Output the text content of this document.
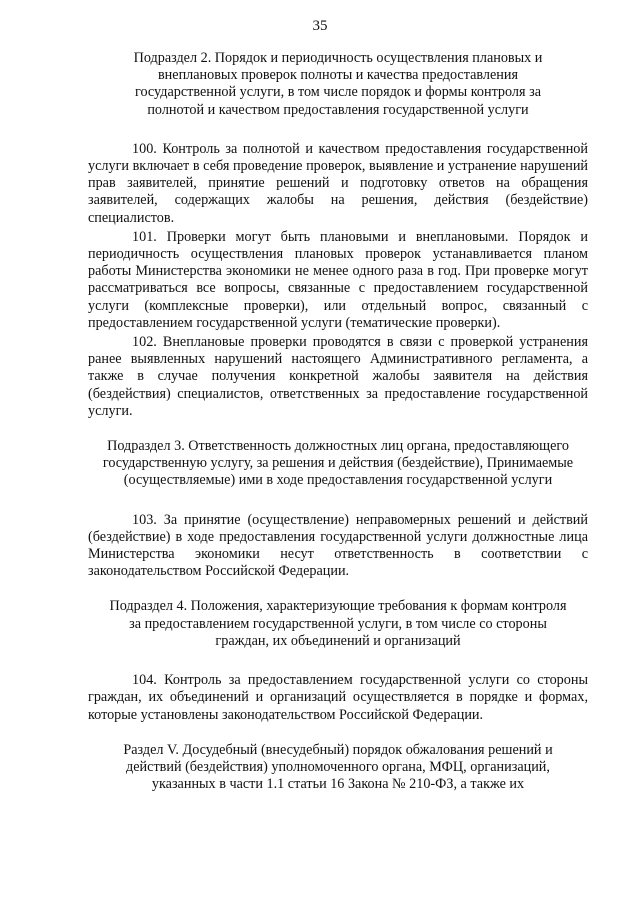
35
Подраздел 2. Порядок и периодичность осуществления плановых и внеплановых проверок полноты и качества предоставления государственной услуги, в том числе порядок и формы контроля за полнотой и качеством предоставления государственной услуги

100. Контроль за полнотой и качеством предоставления государственной услуги включает в себя проведение проверок, выявление и устранение нарушений прав заявителей, принятие решений и подготовку ответов на обращения заявителей, содержащих жалобы на решения, действия (бездействие) специалистов.

101. Проверки могут быть плановыми и внеплановыми. Порядок и периодичность осуществления плановых проверок устанавливается планом работы Министерства экономики не менее одного раза в год. При проверке могут рассматриваться все вопросы, связанные с предоставлением государственной услуги (комплексные проверки), или отдельный вопрос, связанный с предоставлением государственной услуги (тематические проверки).

102. Внеплановые проверки проводятся в связи с проверкой устранения ранее выявленных нарушений настоящего Административного регламента, а также в случае получения конкретной жалобы заявителя на действия (бездействия) специалистов, ответственных за предоставление государственной услуги.

Подраздел 3. Ответственность должностных лиц органа, предоставляющего государственную услугу, за решения и действия (бездействие), Принимаемые (осуществляемые) ими в ходе предоставления государственной услуги

103. За принятие (осуществление) неправомерных решений и действий (бездействие) в ходе предоставления государственной услуги должностные лица Министерства экономики несут ответственность в соответствии с законодательством Российской Федерации.

Подраздел 4. Положения, характеризующие требования к формам контроля за предоставлением государственной услуги, в том числе со стороны граждан, их объединений и организаций

104. Контроль за предоставлением государственной услуги со стороны граждан, их объединений и организаций осуществляется в порядке и формах, которые установлены законодательством Российской Федерации.

Раздел V. Досудебный (внесудебный) порядок обжалования решений и действий (бездействия) уполномоченного органа, МФЦ, организаций, указанных в части 1.1 статьи 16 Закона № 210-ФЗ, а также их
